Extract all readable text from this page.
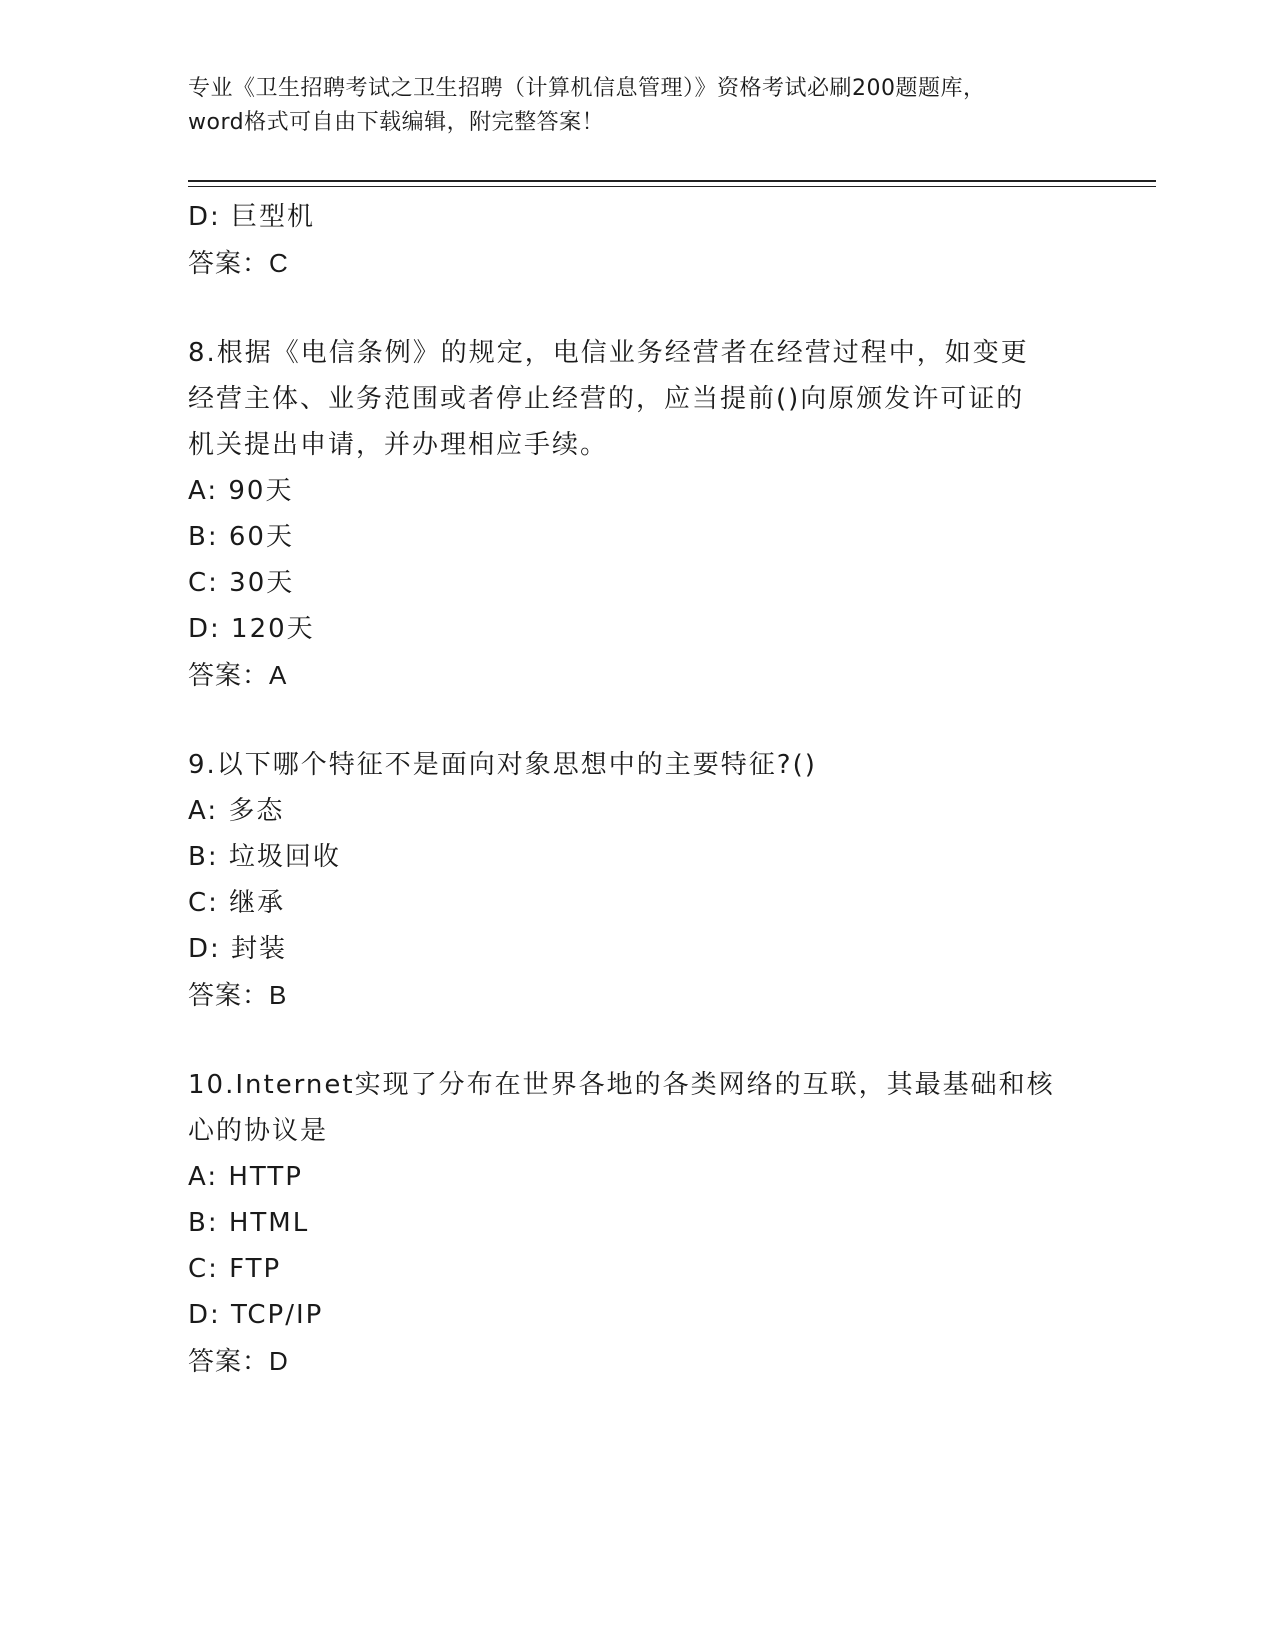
专业《卫生招聘考试之卫生招聘（计算机信息管理）》资格考试必刷200题题库，
word格式可自由下载编辑，附完整答案！
D: 巨型机
答案：C
8.根据《电信条例》的规定，电信业务经营者在经营过程中，如变更
经营主体、业务范围或者停止经营的，应当提前()向原颁发许可证的
机关提出申请，并办理相应手续。
A: 90天
B: 60天
C: 30天
D: 120天
答案：A
9.以下哪个特征不是面向对象思想中的主要特征?()
A: 多态
B: 垃圾回收
C: 继承
D: 封装
答案：B
10.Internet实现了分布在世界各地的各类网络的互联，其最基础和核
心的协议是
A: HTTP
B: HTML
C: FTP
D: TCP/IP
答案：D
